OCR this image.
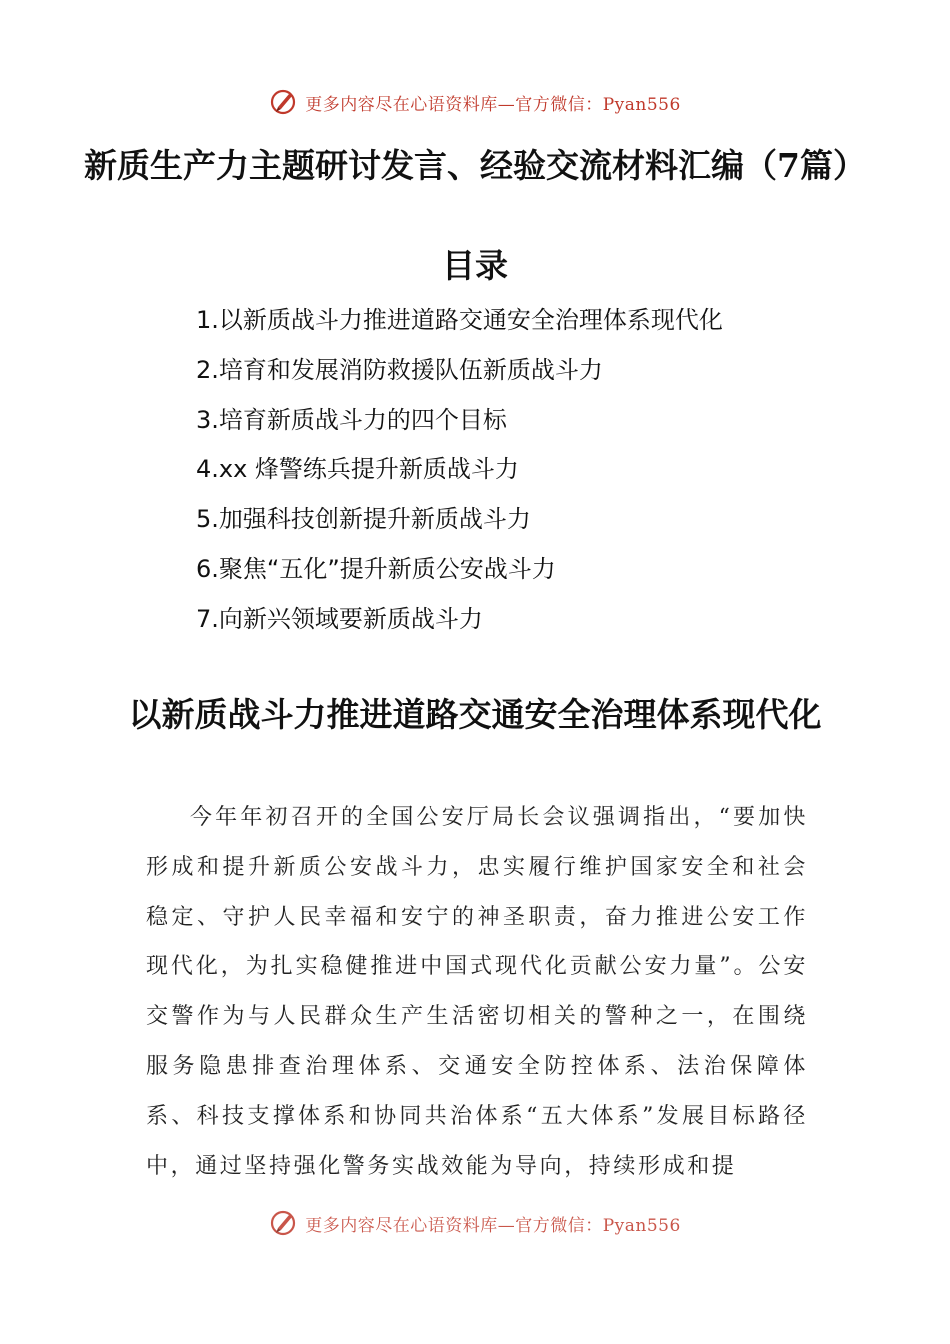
更多内容尽在心语资料库—官方微信：Pyan556
新质生产力主题研讨发言、经验交流材料汇编（7篇）
目录
1.以新质战斗力推进道路交通安全治理体系现代化
2.培育和发展消防救援队伍新质战斗力
3.培育新质战斗力的四个目标
4.xx 烽警练兵提升新质战斗力
5.加强科技创新提升新质战斗力
6.聚焦“五化”提升新质公安战斗力
7.向新兴领域要新质战斗力
以新质战斗力推进道路交通安全治理体系现代化

今年年初召开的全国公安厅局长会议强调指出，“要加快形成和提升新质公安战斗力，忠实履行维护国家安全和社会稳定、守护人民幸福和安宁的神圣职责，奋力推进公安工作现代化，为扎实稳健推进中国式现代化贡献公安力量”。公安交警作为与人民群众生产生活密切相关的警种之一，在围绕服务隐患排查治理体系、交通安全防控体系、法治保障体系、科技支撑体系和协同共治体系“五大体系”发展目标路径中，通过坚持强化警务实战效能为导向，持续形成和提

更多内容尽在心语资料库—官方微信：Pyan556
